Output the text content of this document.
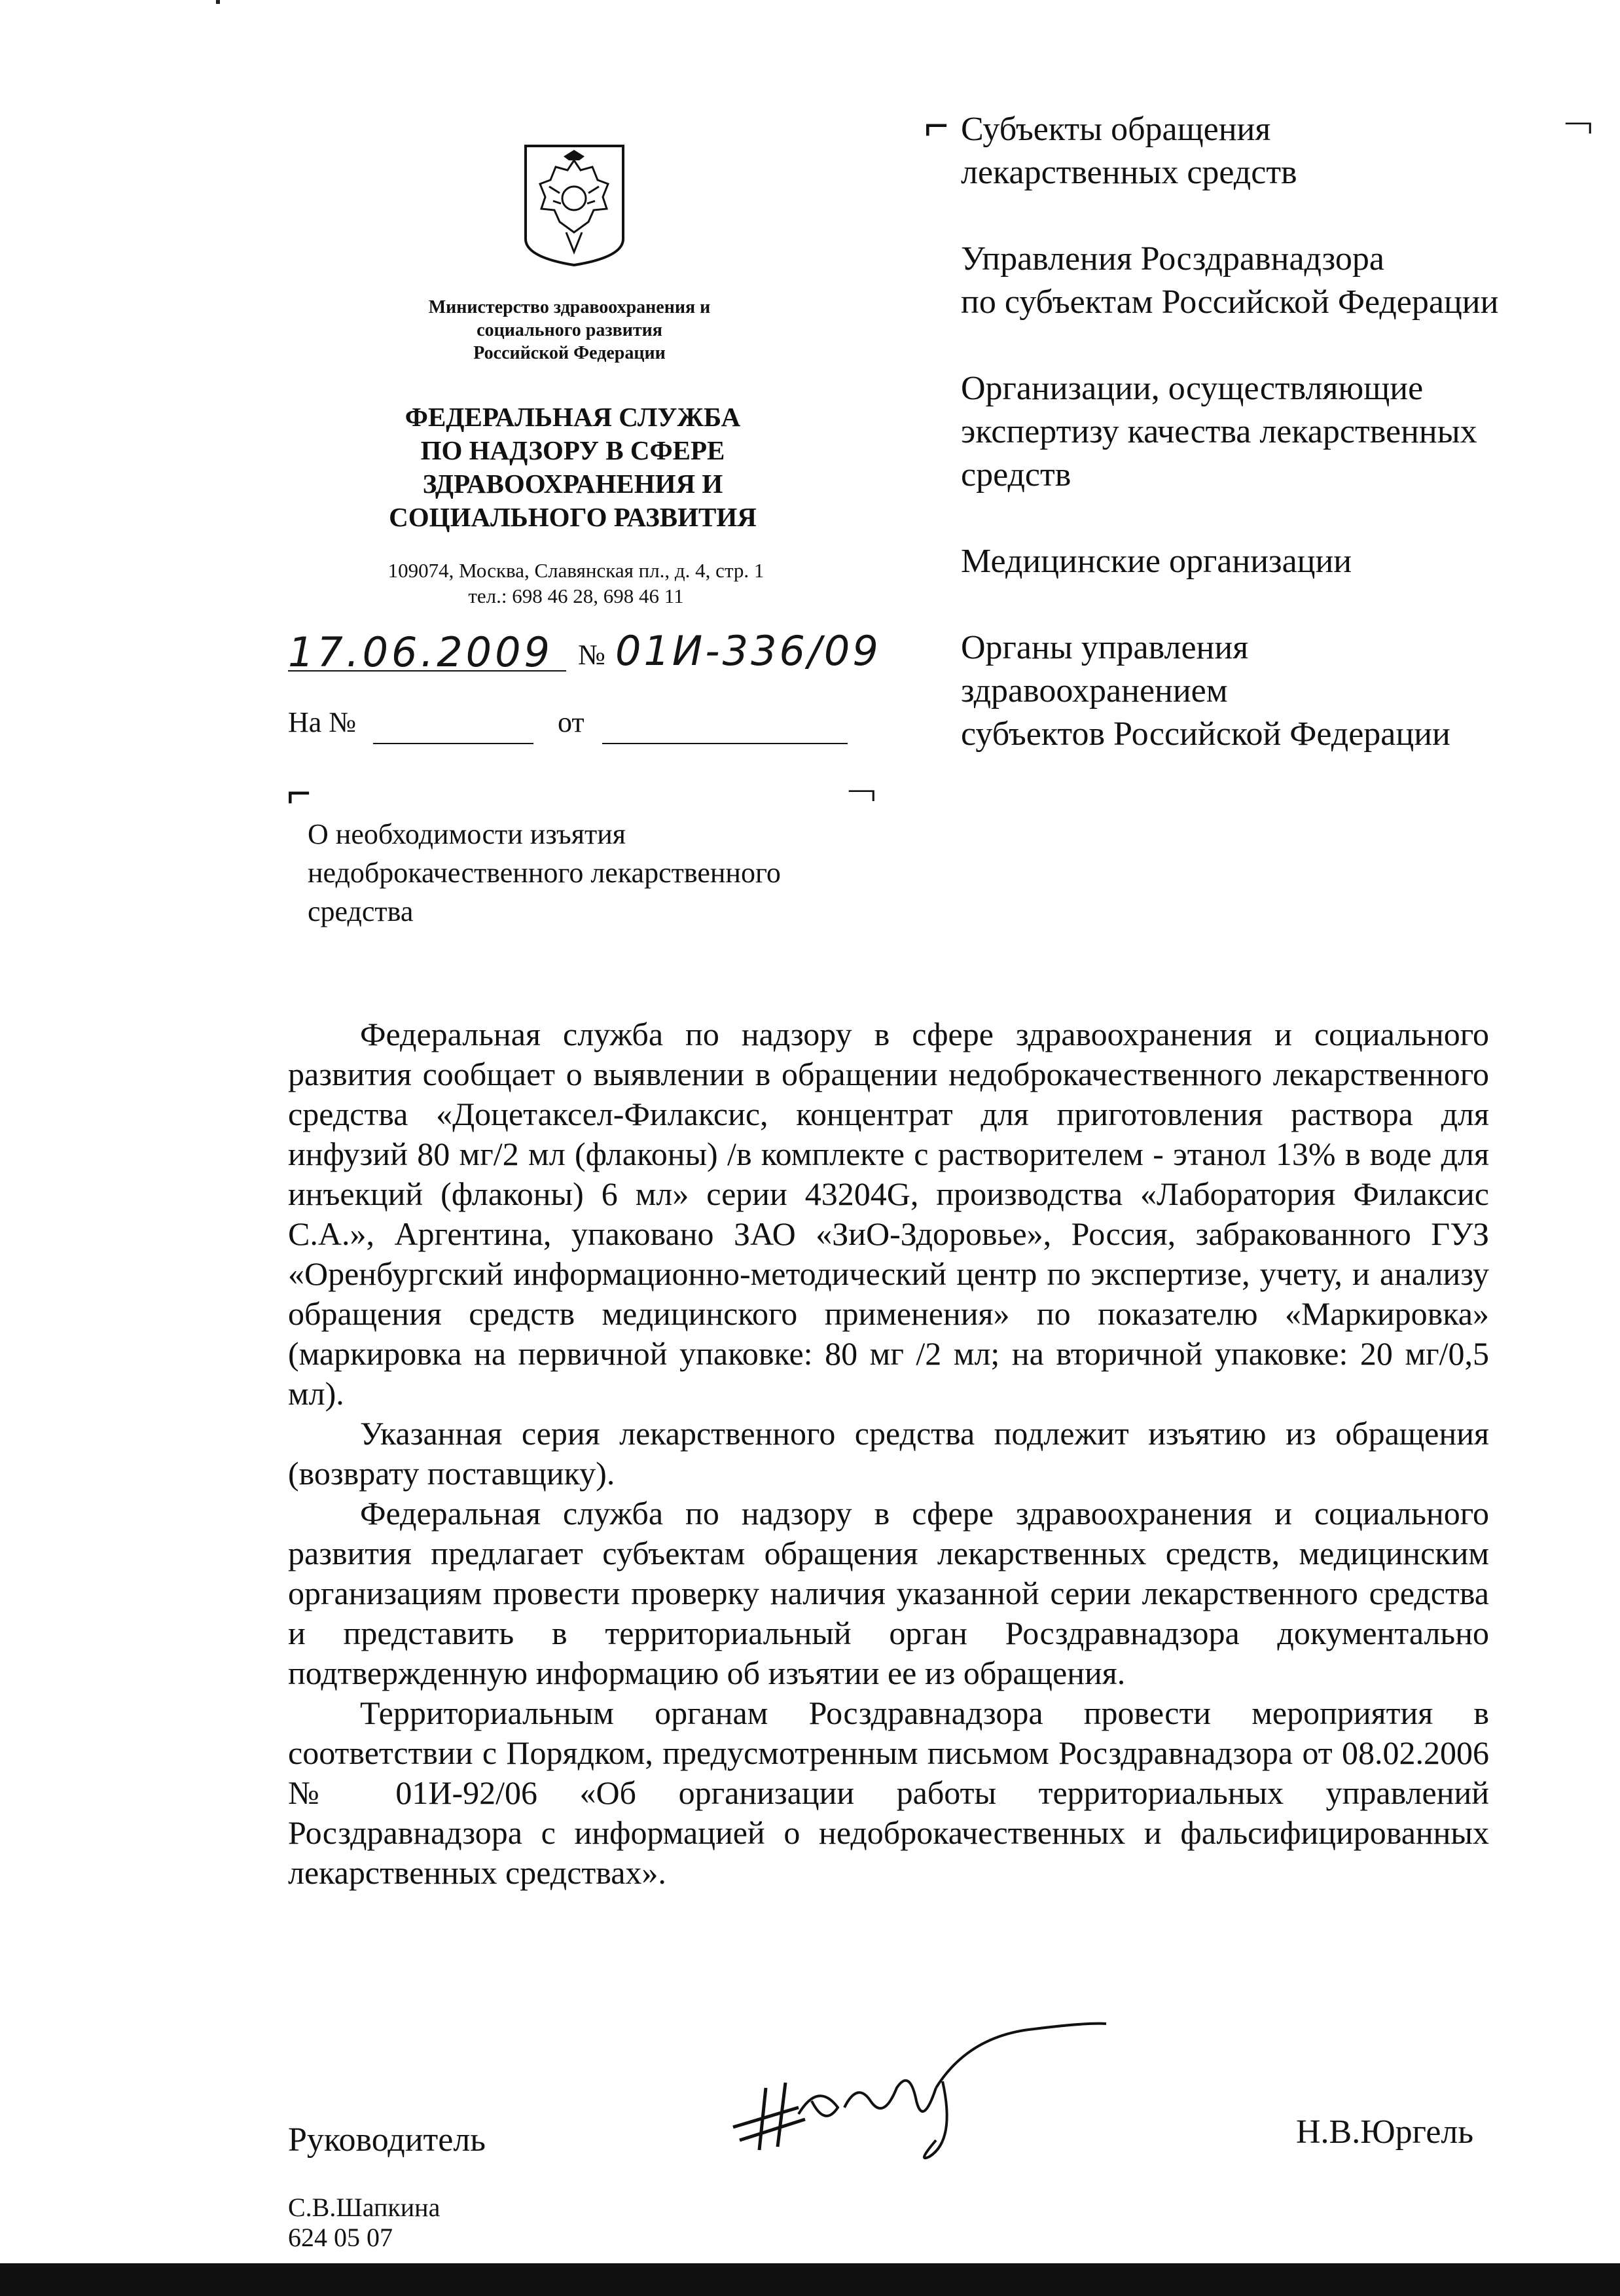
Министерство здравоохранения и
социального развития
Российской Федерации
ФЕДЕРАЛЬНАЯ СЛУЖБА
ПО НАДЗОРУ В СФЕРЕ
ЗДРАВООХРАНЕНИЯ И
СОЦИАЛЬНОГО РАЗВИТИЯ
109074, Москва, Славянская пл., д. 4, стр. 1
тел.: 698 46 28, 698 46 11
17.06.2009 № 01И-336/09
На №	от
⌐	¬
О необходимости изъятия
недоброкачественного лекарственного
средства
⌐	¬

Субъекты обращения
лекарственных средств

Управления Росздравнадзора
по субъектам Российской Федерации

Организации, осуществляющие
экспертизу качества лекарственных
средств

Медицинские организации

Органы управления
здравоохранением
субъектов Российской Федерации

Федеральная служба по надзору в сфере здравоохранения и социального развития сообщает о выявлении в обращении недоброкачественного лекарственного средства «Доцетаксел-Филаксис, концентрат для приготовления раствора для инфузий 80 мг/2 мл (флаконы) /в комплекте с растворителем - этанол 13% в воде для инъекций (флаконы) 6 мл» серии 43204G, производства «Лаборатория Филаксис С.А.», Аргентина, упаковано ЗАО «ЗиО-Здоровье», Россия, забракованного ГУЗ «Оренбургский информационно-методический центр по экспертизе, учету, и анализу обращения средств медицинского применения» по показателю «Маркировка» (маркировка на первичной упаковке: 80 мг /2 мл; на вторичной упаковке: 20 мг/0,5 мл).

Указанная серия лекарственного средства подлежит изъятию из обращения (возврату поставщику).

Федеральная служба по надзору в сфере здравоохранения и социального развития предлагает субъектам обращения лекарственных средств, медицинским организациям провести проверку наличия указанной серии лекарственного средства и представить в территориальный орган Росздравнадзора документально подтвержденную информацию об изъятии ее из обращения.

Территориальным органам Росздравнадзора провести мероприятия в соответствии с Порядком, предусмотренным письмом Росздравнадзора от 08.02.2006 № 01И-92/06 «Об организации работы территориальных управлений Росздравнадзора с информацией о недоброкачественных и фальсифицированных лекарственных средствах».

Руководитель	Н.В.Юргель
С.В.Шапкина
624 05 07
